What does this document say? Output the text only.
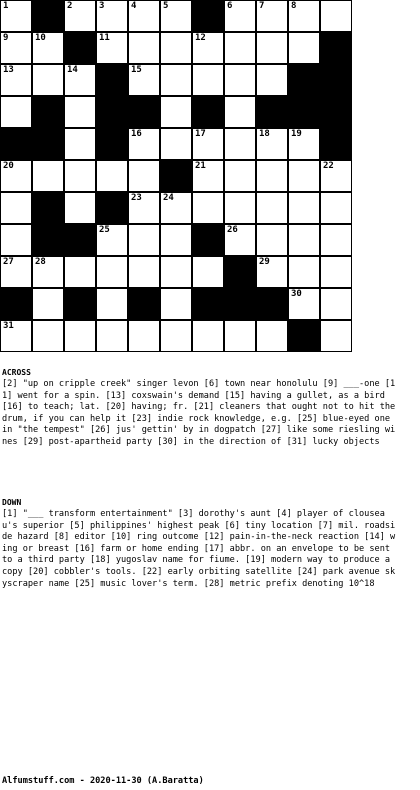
1	2	3	4	5	6	7	8
9	10	11	12
13	14	15
16	17	18 19
20	21	22
23 24
25	26
27 28	29
30
31
ACROSS
[2] "up on cripple creek" singer levon [6] town near honolulu [9] ___-one [11] went for a spin. [13] coxswain's demand [15] having a gullet, as a bird [16] to teach; lat. [20] having; fr. [21] cleaners that ought not to hit the drum, if you can help it [23] indie rock knowledge, e.g. [25] blue-eyed one in "the tempest" [26] jus' gettin' by in dogpatch [27] like some riesling wines [29] post-apartheid party [30] in the direction of [31] lucky objects
DOWN
[1] "___ transform entertainment" [3] dorothy's aunt [4] player of clouseau's superior [5] philippines' highest peak [6] tiny location [7] mil. roadside hazard [8] editor [10] ring outcome [12] pain-in-the-neck reaction [14] wing or breast [16] farm or home ending [17] abbr. on an envelope to be sent to a third party [18] yugoslav name for fiume. [19] modern way to produce a copy [20] cobbler's tools. [22] early orbiting satellite [24] park avenue skyscraper name [25] music lover's term. [28] metric prefix denoting 10^18
Alfumstuff.com - 2020-11-30 (A.Baratta)
